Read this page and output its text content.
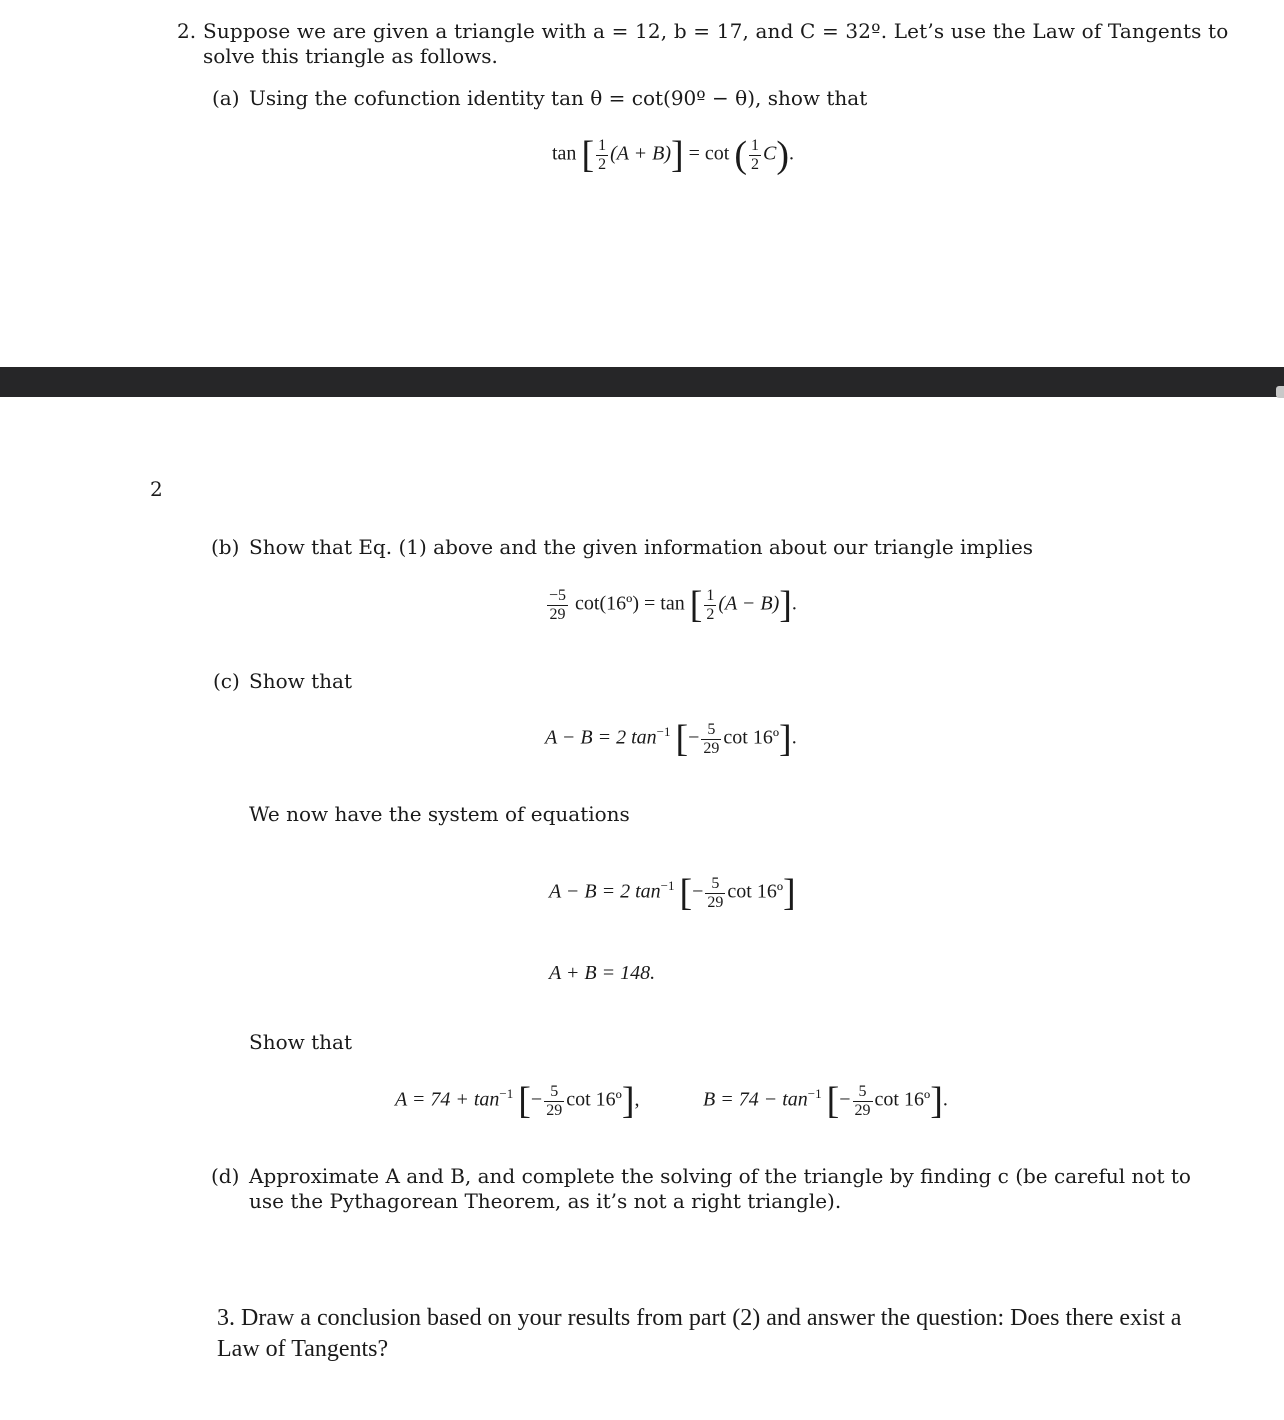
2. Suppose we are given a triangle with a = 12, b = 17, and C = 32º. Let’s use the Law of Tangents to
solve this triangle as follows.
(a) Using the cofunction identity tan θ = cot(90º − θ), show that
tan [ $\frac{1}{2} (A + B)] = \cot$ ( $\frac{1}{2} C$).
2
(b) Show that Eq. (1) above and the given information about our triangle implies
$\frac{-5}{29}$ cot(16º) = tan [ $\frac{1}{2} (A - B)$].
(c) Show that
A − B = 2 $\tan^{-1}$ [− $\frac{5}{29}$ cot 16º].
We now have the system of equations
A − B = 2 $\tan^{-1}$ [− $\frac{5}{29}$ cot 16º]
A + B = 148.
Show that
$A = 74 + \tan^{-1}$ [− $\frac{5}{29}$ cot 16º],	$B = 74 - \tan^{-1}$ [− $\frac{5}{29}$ cot 16º].
(d) Approximate A and B, and complete the solving of the triangle by finding c (be careful not to
use the Pythagorean Theorem, as it’s not a right triangle).
3. Draw a conclusion based on your results from part (2) and answer the question: Does there exist a
Law of Tangents?
